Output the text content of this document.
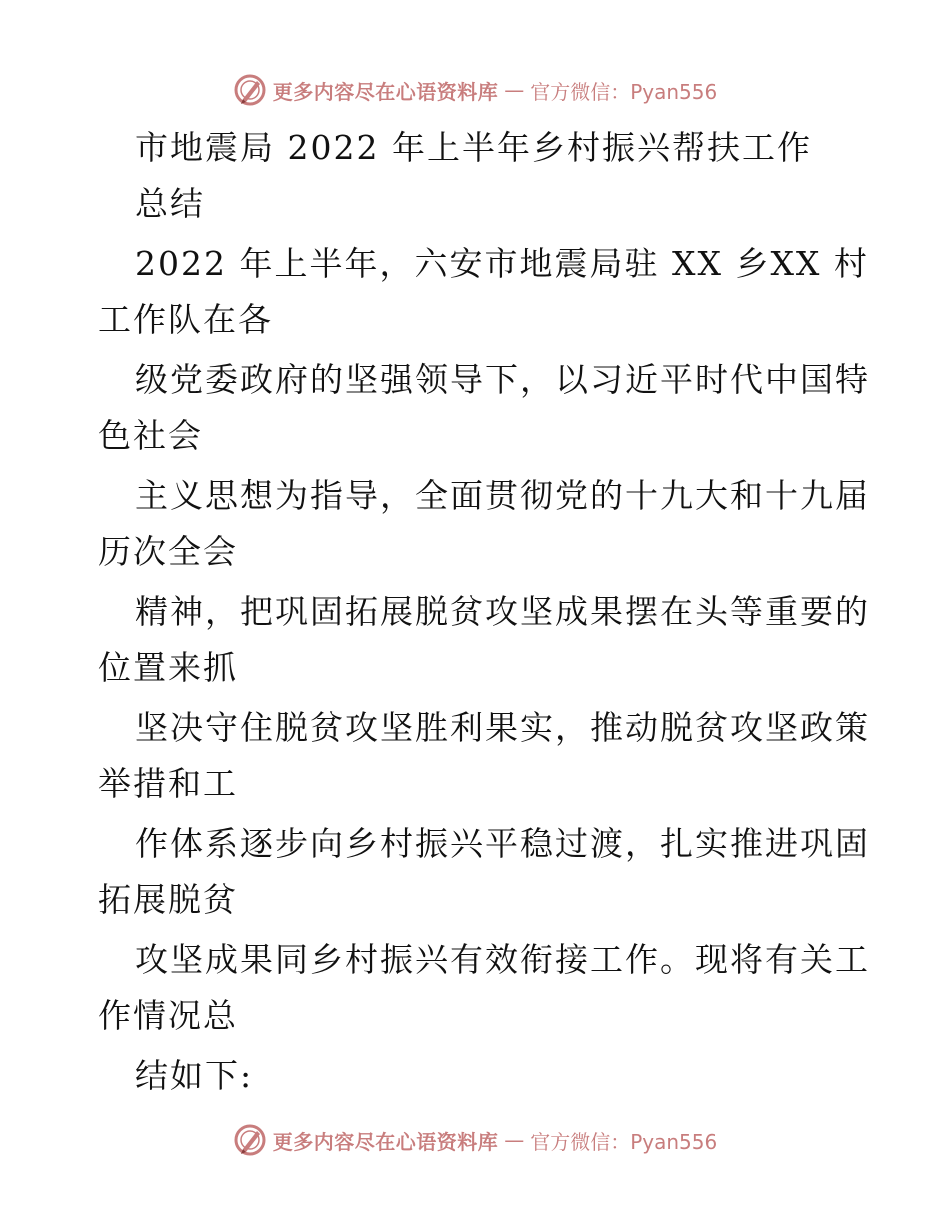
更多内容尽在心语资料库 — 官方微信：Pyan556
市地震局 2022 年上半年乡村振兴帮扶工作
总结
2022 年上半年，六安市地震局驻 XX 乡XX 村
工作队在各
级党委政府的坚强领导下，以习近平时代中国特
色社会
主义思想为指导，全面贯彻党的十九大和十九届
历次全会
精神，把巩固拓展脱贫攻坚成果摆在头等重要的
位置来抓
坚决守住脱贫攻坚胜利果实，推动脱贫攻坚政策
举措和工
作体系逐步向乡村振兴平稳过渡，扎实推进巩固
拓展脱贫
攻坚成果同乡村振兴有效衔接工作。现将有关工
作情况总
结如下:
更多内容尽在心语资料库 — 官方微信：Pyan556
